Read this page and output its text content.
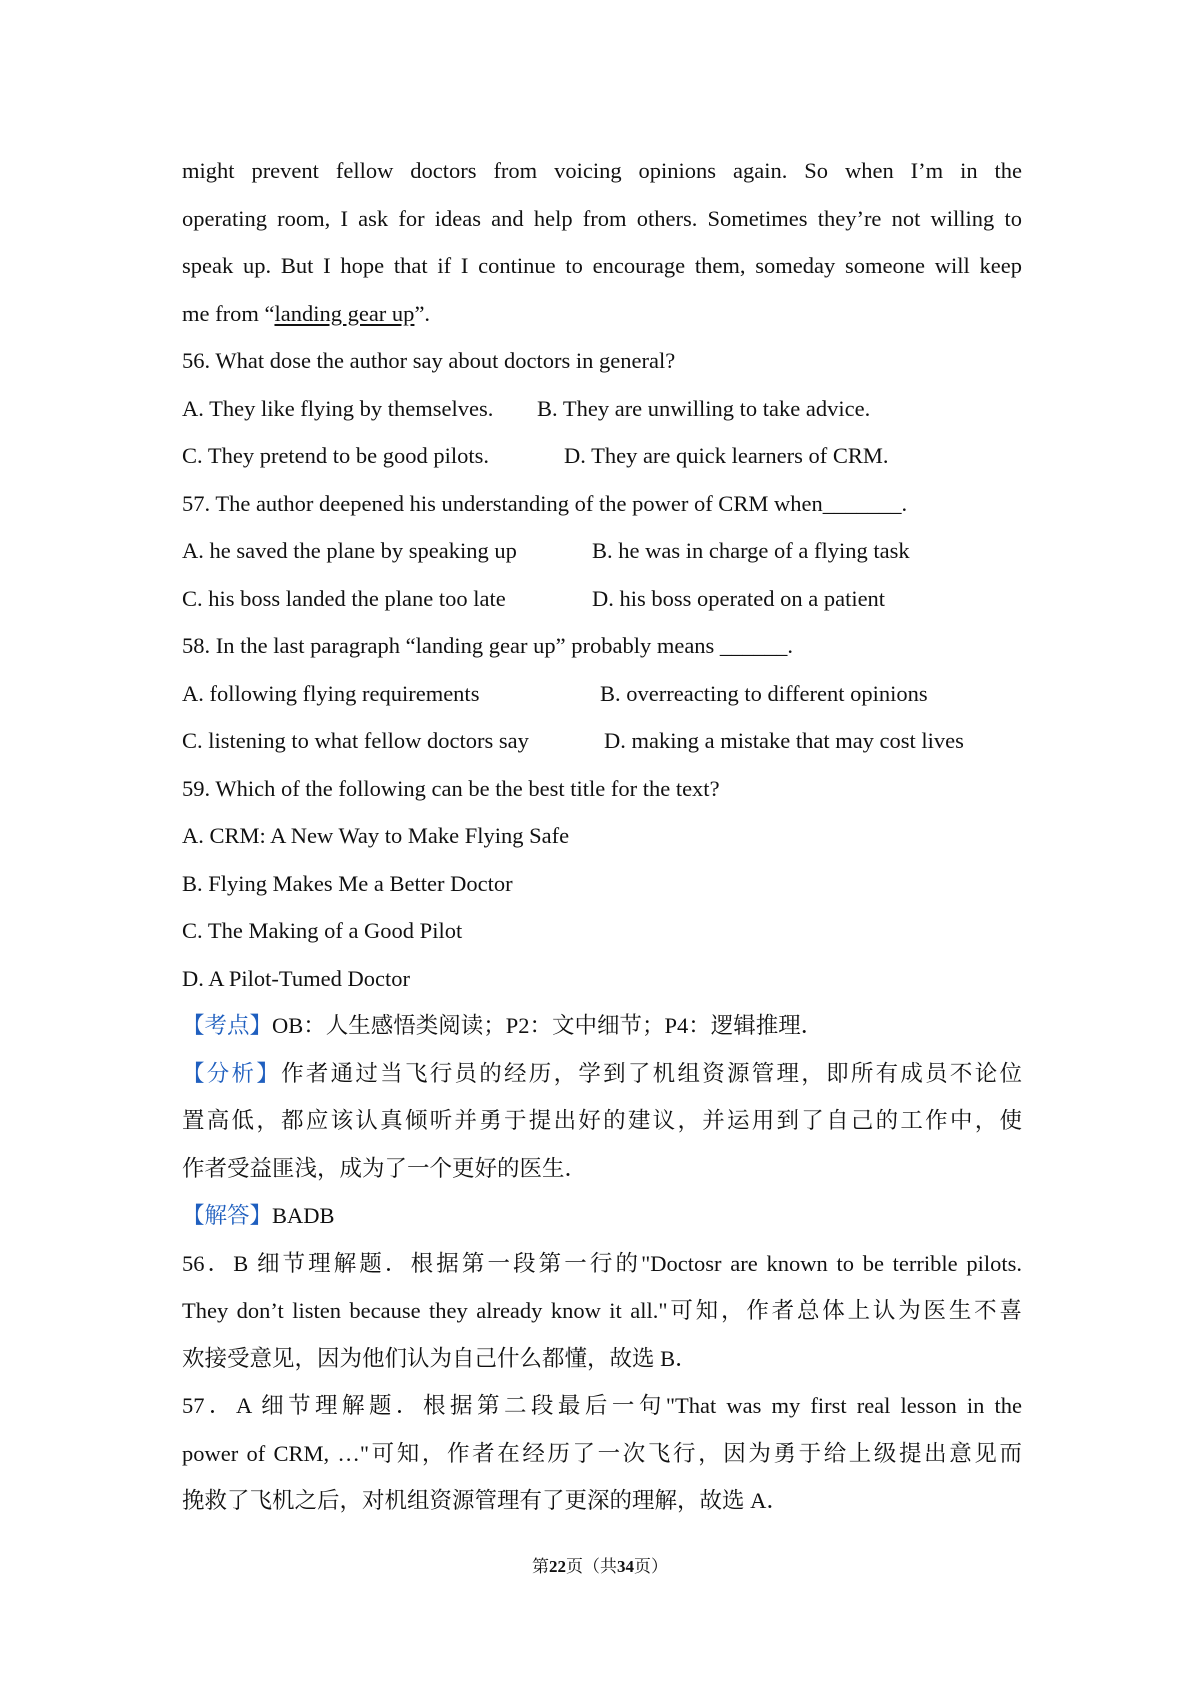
might prevent fellow doctors from voicing opinions again. So when I’m in the
operating room, I ask for ideas and help from others. Sometimes they’re not willing to
speak up. But I hope that if I continue to encourage them, someday someone will keep
me from “landing gear up”.
56. What dose the author say about doctors in general?
A. They like flying by themselves.	B. They are unwilling to take advice.
C. They pretend to be good pilots.	D. They are quick learners of CRM.
57. The author deepened his understanding of the power of CRM when_______.
A. he saved the plane by speaking up	B. he was in charge of a flying task
C. his boss landed the plane too late	D. his boss operated on a patient
58. In the last paragraph “landing gear up” probably means ______.
A. following flying requirements	B. overreacting to different opinions
C. listening to what fellow doctors say	D. making a mistake that may cost lives
59. Which of the following can be the best title for the text?
A. CRM: A New Way to Make Flying Safe
B. Flying Makes Me a Better Doctor
C. The Making of a Good Pilot
D. A Pilot-Tumed Doctor
【考点】OB：人生感悟类阅读；P2：文中细节；P4：逻辑推理．
【分析】作者通过当飞行员的经历，学到了机组资源管理，即所有成员不论位
置高低，都应该认真倾听并勇于提出好的建议，并运用到了自己的工作中，使
作者受益匪浅，成为了一个更好的医生．
【解答】BADB
56．B 细节理解题．根据第一段第一行的"Doctosr are known to be terrible pilots.
They don’t listen because they already know it all."可知，作者总体上认为医生不喜
欢接受意见，因为他们认为自己什么都懂，故选 B．
57．A 细节理解题．根据第二段最后一句"That was my first real lesson in the
power of CRM, …"可知，作者在经历了一次飞行，因为勇于给上级提出意见而
挽救了飞机之后，对机组资源管理有了更深的理解，故选 A．
第22页（共34页）
